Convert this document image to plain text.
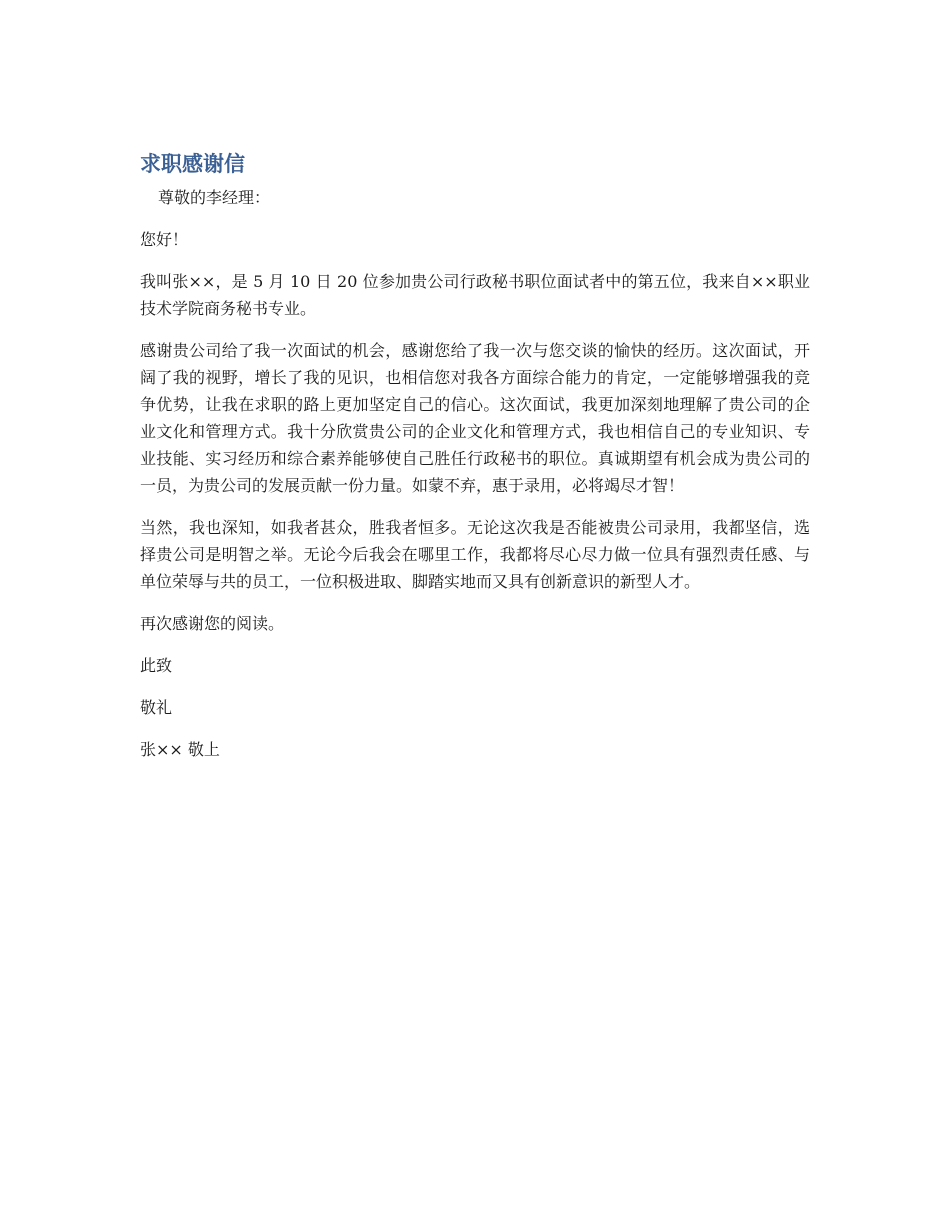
求职感谢信

尊敬的李经理：

您好！

我叫张××，是 5 月 10 日 20 位参加贵公司行政秘书职位面试者中的第五位，我来自××职业技术学院商务秘书专业。

感谢贵公司给了我一次面试的机会，感谢您给了我一次与您交谈的愉快的经历。这次面试，开阔了我的视野，增长了我的见识，也相信您对我各方面综合能力的肯定，一定能够增强我的竞争优势，让我在求职的路上更加坚定自己的信心。这次面试，我更加深刻地理解了贵公司的企业文化和管理方式。我十分欣赏贵公司的企业文化和管理方式，我也相信自己的专业知识、专业技能、实习经历和综合素养能够使自己胜任行政秘书的职位。真诚期望有机会成为贵公司的一员，为贵公司的发展贡献一份力量。如蒙不弃，惠于录用，必将竭尽才智！

当然，我也深知，如我者甚众，胜我者恒多。无论这次我是否能被贵公司录用，我都坚信，选择贵公司是明智之举。无论今后我会在哪里工作，我都将尽心尽力做一位具有强烈责任感、与单位荣辱与共的员工，一位积极进取、脚踏实地而又具有创新意识的新型人才。

再次感谢您的阅读。

此致

敬礼

张×× 敬上
